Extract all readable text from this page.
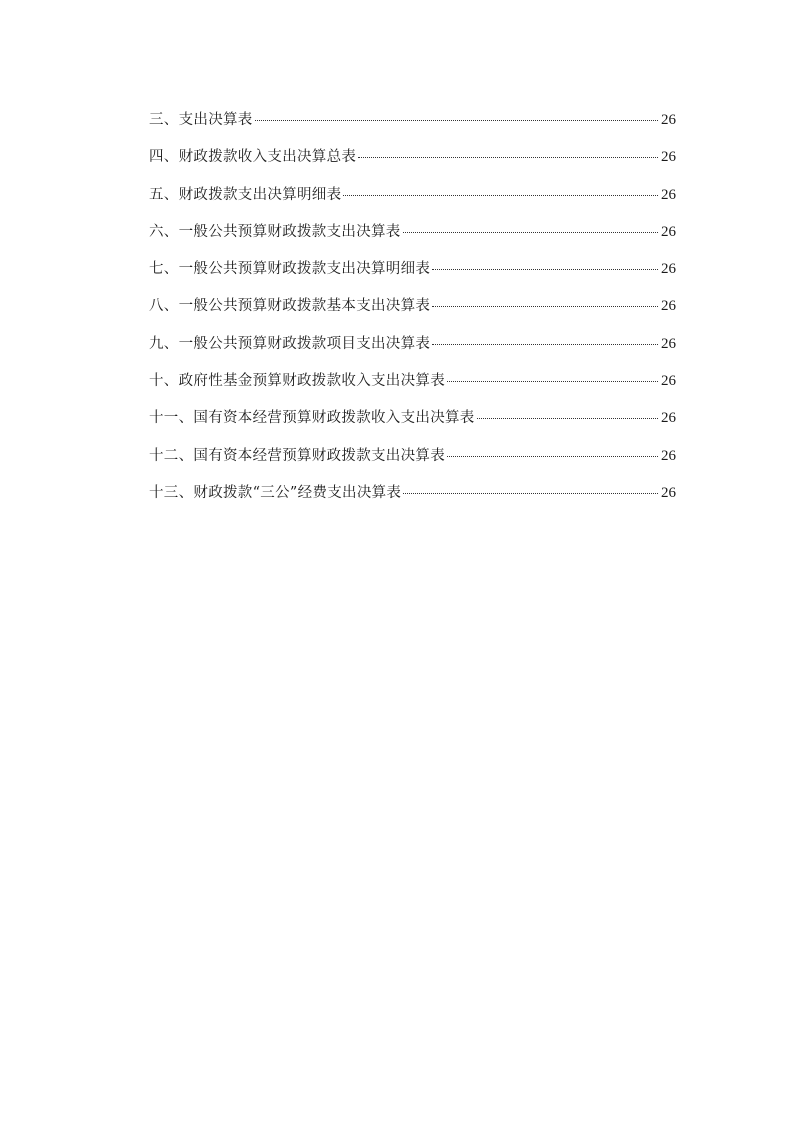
三、支出决算表	26
四、财政拨款收入支出决算总表	26
五、财政拨款支出决算明细表	26
六、一般公共预算财政拨款支出决算表	26
七、一般公共预算财政拨款支出决算明细表	26
八、一般公共预算财政拨款基本支出决算表	26
九、一般公共预算财政拨款项目支出决算表	26
十、政府性基金预算财政拨款收入支出决算表	26
十一、国有资本经营预算财政拨款收入支出决算表	26
十二、国有资本经营预算财政拨款支出决算表	26
十三、财政拨款“三公”经费支出决算表	26
